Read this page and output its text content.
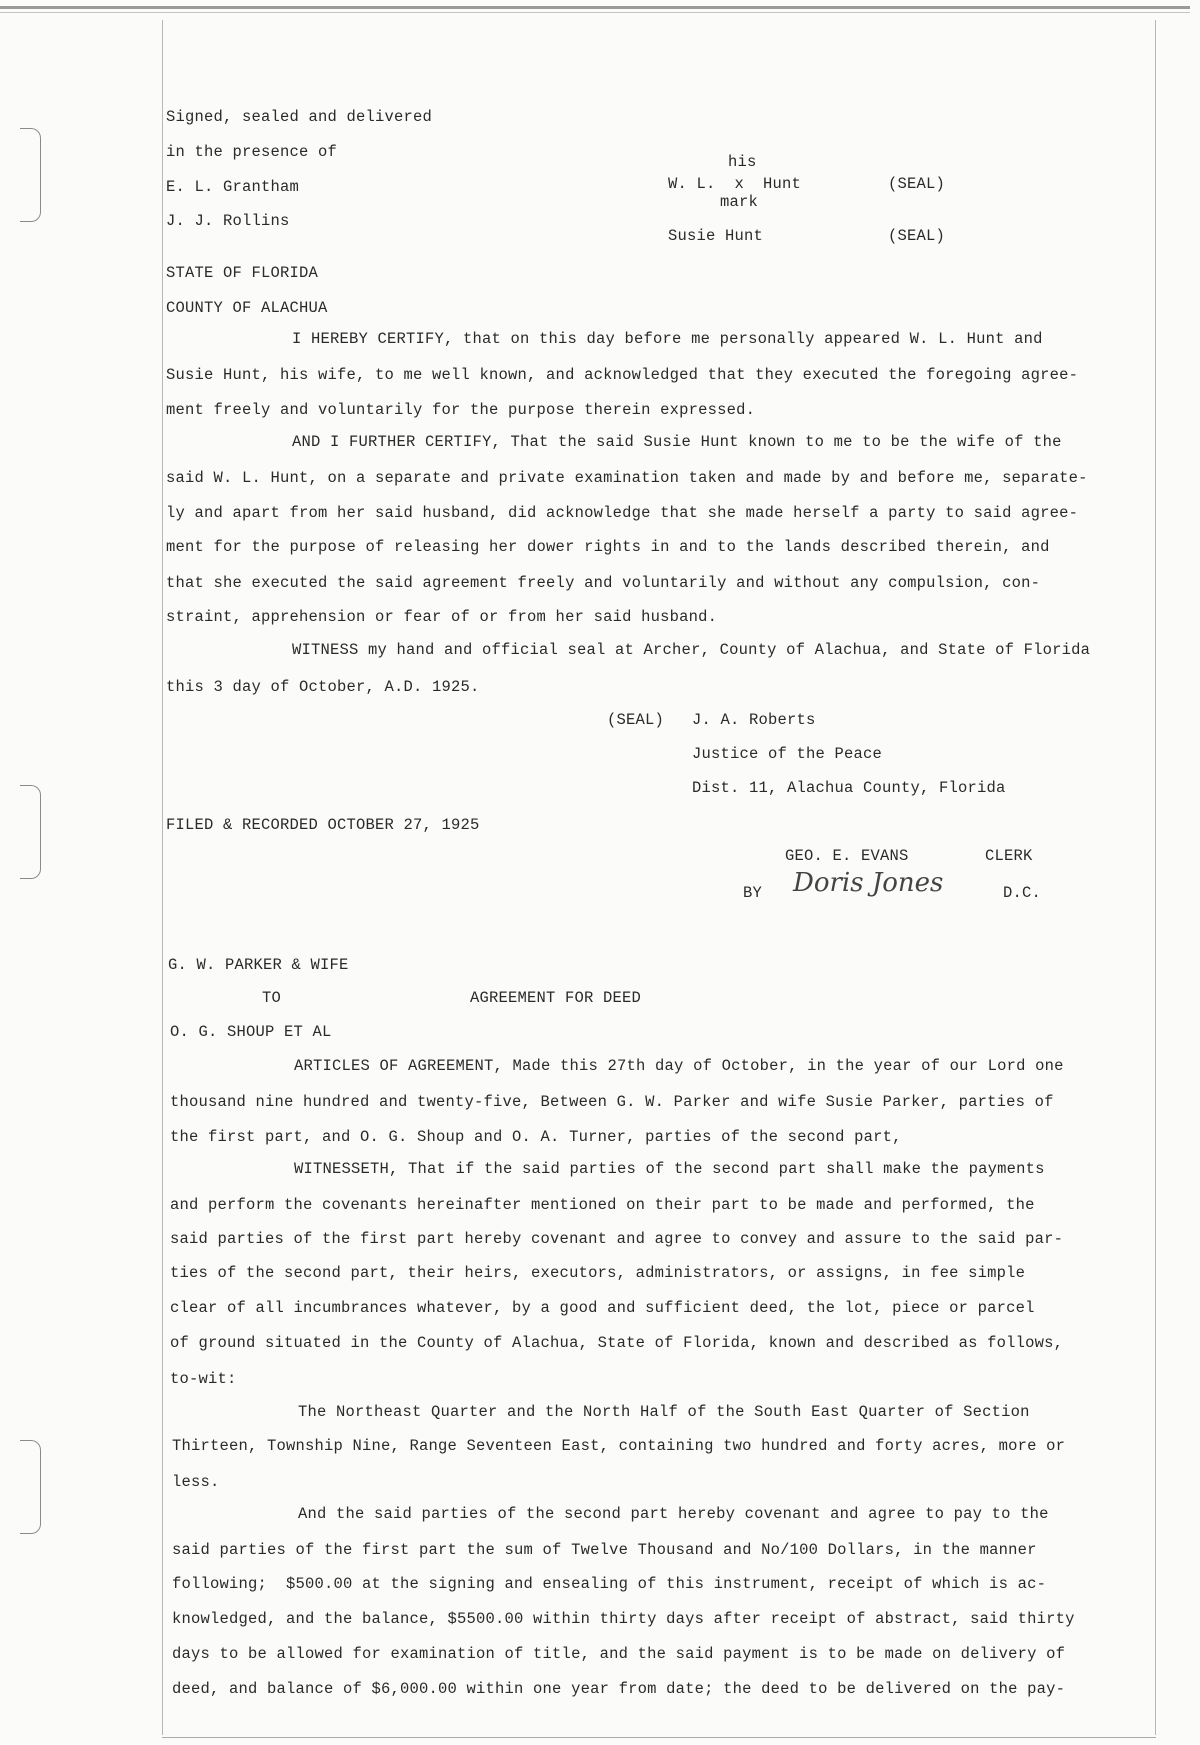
Signed, sealed and delivered
in the presence of
E. L. Grantham
J. J. Rollins
his
W. L.  x  Hunt
mark
(SEAL)
Susie Hunt	(SEAL)
STATE OF FLORIDA
COUNTY OF ALACHUA
I HEREBY CERTIFY, that on this day before me personally appeared W. L. Hunt and
Susie Hunt, his wife, to me well known, and acknowledged that they executed the foregoing agree-
ment freely and voluntarily for the purpose therein expressed.
AND I FURTHER CERTIFY, That the said Susie Hunt known to me to be the wife of the
said W. L. Hunt, on a separate and private examination taken and made by and before me, separate-
ly and apart from her said husband, did acknowledge that she made herself a party to said agree-
ment for the purpose of releasing her dower rights in and to the lands described therein, and
that she executed the said agreement freely and voluntarily and without any compulsion, con-
straint, apprehension or fear of or from her said husband.
WITNESS my hand and official seal at Archer, County of Alachua, and State of Florida
this 3 day of October, A.D. 1925.
(SEAL) J. A. Roberts
Justice of the Peace
Dist. 11, Alachua County, Florida
FILED & RECORDED OCTOBER 27, 1925
GEO. E. EVANS	CLERK
BY Doris Jones	D.C.
G. W. PARKER & WIFE
TO	AGREEMENT FOR DEED
O. G. SHOUP ET AL
ARTICLES OF AGREEMENT, Made this 27th day of October, in the year of our Lord one
thousand nine hundred and twenty-five, Between G. W. Parker and wife Susie Parker, parties of
the first part, and O. G. Shoup and O. A. Turner, parties of the second part,
WITNESSETH, That if the said parties of the second part shall make the payments
and perform the covenants hereinafter mentioned on their part to be made and performed, the
said parties of the first part hereby covenant and agree to convey and assure to the said par-
ties of the second part, their heirs, executors, administrators, or assigns, in fee simple
clear of all incumbrances whatever, by a good and sufficient deed, the lot, piece or parcel
of ground situated in the County of Alachua, State of Florida, known and described as follows,
to-wit:
The Northeast Quarter and the North Half of the South East Quarter of Section
Thirteen, Township Nine, Range Seventeen East, containing two hundred and forty acres, more or
less.
And the said parties of the second part hereby covenant and agree to pay to the
said parties of the first part the sum of Twelve Thousand and No/100 Dollars, in the manner
following;  $500.00 at the signing and ensealing of this instrument, receipt of which is ac-
knowledged, and the balance, $5500.00 within thirty days after receipt of abstract, said thirty
days to be allowed for examination of title, and the said payment is to be made on delivery of
deed, and balance of $6,000.00 within one year from date; the deed to be delivered on the pay-
